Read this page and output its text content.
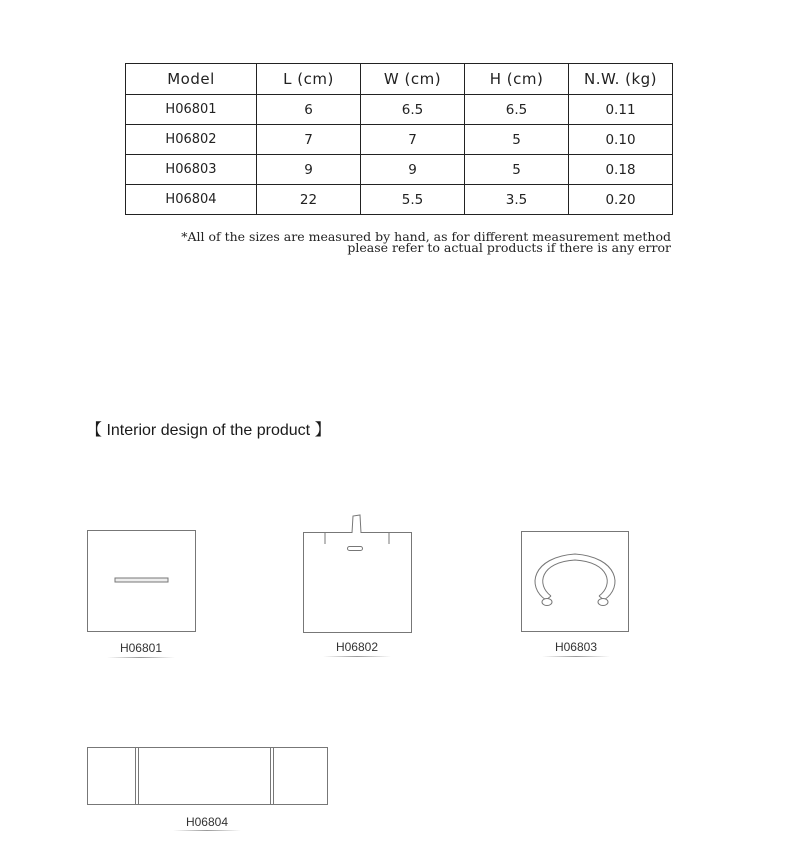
Model	L (cm)	W (cm)	H (cm)	N.W. (kg)
H06801	6	6.5	6.5	0.11
H06802	7	7	5	0.10
H06803	9	9	5	0.18
H06804	22	5.5	3.5	0.20
*All of the sizes are measured by hand, as for different measurement method
please refer to actual products if there is any error
【 Interior design of the product 】
H06801	H06802	H06803
H06804
